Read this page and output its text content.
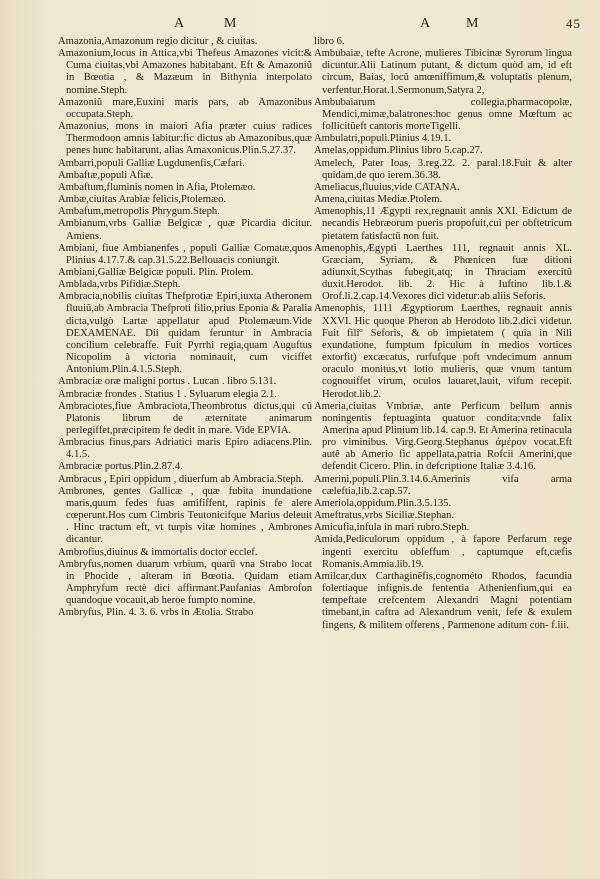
A	M	A M	45

Amazonia,Amazonum regio dicitur , & ciuitas.

Amazonium,locus in Attica,vbi Thefeus Amazones vicit:& Cuma ciuitas,vbi Amazones habitabant. Eft & Amazoniũ in Bœotia , & Mazæum in Bithynia interpolato nomine.Steph.

Amazoniũ mare,Euxini maris pars, ab Amazonibus occupata.Steph.

Amazonius, mons in maiori Afia præter cuius radices Thermodoon amnis labitur:fic dictus ab Amazonibus,quæ penes hunc habitarunt, alias Amaxonicus.Plin.5.27.37.

Ambarri,populi Galliæ Lugdunenfis,Cæfari.

Ambaftæ,populi Afiæ.

Ambaftum,fluminis nomen in Afia, Ptolemæo.

Ambæ,ciuitas Arabiæ felicis,Ptolemæo.

Ambafum,metropolis Phrygum.Steph.

Ambianum,vrbs Galliæ Belgicæ , quæ Picardia dicitur. Amiens.

Ambiani, fiue Ambianenfes , populi Galliæ Comatæ,quos Plinius 4.17.7.& cap.31.5.22.Bellouacis coniungit.

Ambiani,Galliæ Belgicæ populi. Plin. Ptolem.

Amblada,vrbs Pifidiæ.Steph.

Ambracia,nobilis ciuitas Thefprotiæ Epiri,iuxta Atheronem fluuiũ,ab Ambracia Thefproti filio,prius Eponia & Paralia dicta,vulgò Lartæ appellatur apud Ptolemæum.Vide DEXAMENAE. Dii quidam feruntur in Ambracia concilium celebraffe. Fuit Pyrrhi regia,quam Auguftus Nicopolim à victoria nominauit, cum viciffet Antonium.Plin.4.1.5.Steph.

Ambraciæ oræ maligni portus . Lucan . libro 5.131.

Ambraciæ frondes . Statius 1 . Syluarum elegia 2.1.

Ambraciotes,fiue Ambraciota,Theombrotus dictus,qui cũ Platonis librum de æternitate animarum perlegiffet,præcipitem fe dedit in mare. Vide EPVIA.

Ambracius finus,pars Adriatici maris Epiro adiacens.Plin. 4.1.5.

Ambraciæ portus.Plin.2.87.4.

Ambracus , Epiri oppidum , diuerfum ab Ambracia.Steph.

Ambrones, gentes Gallicæ , quæ fubita inundatione maris,quum fedes fuas amififfent, rapinis fe alere cœperunt.Hos cum Cimbris Teutonicifque Marius deleuit . Hinc tractum eft, vt turpis vitæ homines , Ambrones dicantur.

Ambrofius,diuinus & immortalis doctor ecclef.

Ambryfus,nomen duarum vrbium, quarũ vna Strabo locat in Phocide , alteram in Bœotia. Quidam etiam Amphryfum rectè dici affirmant.Paufanias Ambrofon quandoque vocauit,ab heroe fumpto nomine.

Ambryfus, Plin. 4. 3. 6. vrbs in Ætolia. Strabo

libro 6.

Ambubaiæ, tefte Acrone, mulieres Tibicinæ Syrorum lingua dicuntur.Alii Latinum putant, & dictum quòd am, id eft circum, Baias, locũ amœniffimum,& voluptatis plenum, verfentur.Horat.1.Sermonum,Satyra 2,

Ambubaiarum collegia,pharmacopolæ, Mendici,mimæ,balatrones:hoc genus omne Mœftum ac follicitũeft cantoris morteTigelli.

Ambulatri,populi.Plinius 4.19.1.

Amelas,oppidum.Plinius libro 5.cap.27.

Amelech, Pater Ioas, 3.reg.22. 2. paral.18.Fuit & alter quidam,de quo ierem.36.38.

Ameliacus,fluuius,vide CATANA.

Amena,ciuitas Mediæ.Ptolem.

Amenophis,11 Ægypti rex,regnauit annis XXI. Edictum de necandis Hebræorum pueris propofuit,cui per obftetricum pietatem fatisfactũ non fuit.

Amenophis,Ægypti Laerthes 111, regnauit annis XL. Græciam, Syriam, & Phœnicen fuæ ditioni adiunxit,Scythas fubegit,atq; in Thraciam exercitũ duxit.Herodot. lib. 2. Hic à Iuftino lib.1.& Orof.li.2.cap.14.Vexores dici videtur:ab aliis Seforis.

Amenophis, 1111 Ægyptiorum Laerthes, regnauit annis XXVI. Hic quoque Pheron ab Herodoto lib.2.dici videtur. Fuit filiº Seforis, & ob impietatem ( quia in Nili exundatione, fumptum fpiculum in medios vortices extorfit) excæcatus, rurfufque poft vndecimum annum oraculo monitus,vt lotio mulieris, quæ vnum tantum cognouiffet virum, oculos lauaret,lauit, vifum recepit. Herodot.lib.2.

Ameria,ciuitas Vmbriæ, ante Perficum bellum annis noningentis feptuaginta quatuor condita:vnde falix Amerina apud Plinium lib.14. cap.9. Et Amerina retinacula pro viminibus. Virg.Georg.Stephanus ἀμέρον vocat.Eft autẽ ab Amerio fic appellata,patria Rofcii Amerini,que defendit Cicero. Plin. in defcriptione Italiæ 3.4.16.

Amerini,populi.Plin.3.14.6.Amerinis vifa arma cæleftia,lib.2.cap.57.

Ameriola,oppidum.Plin.3.5.135.

Ameftratus,vrbs Siciliæ.Stephan.

Amicufia,infula in mari rubro.Steph.

Amida,Pediculorum oppidum , à fapore Perfarum rege ingenti exercitu obfeffum , captumque eft,cæfis Romanis.Ammia.lib.19.

Amilcar,dux Carthaginẽfis,cognométo Rhodos, facundia folertiaque infignis.de fententia Athenienfium,qui ea tempeftate crefcentem Alexandri Magni potentiam timebant,in caftra ad Alexandrum venit, fefe & exulem fingens, & militem offerens , Parmenone aditum con- f.iii.
